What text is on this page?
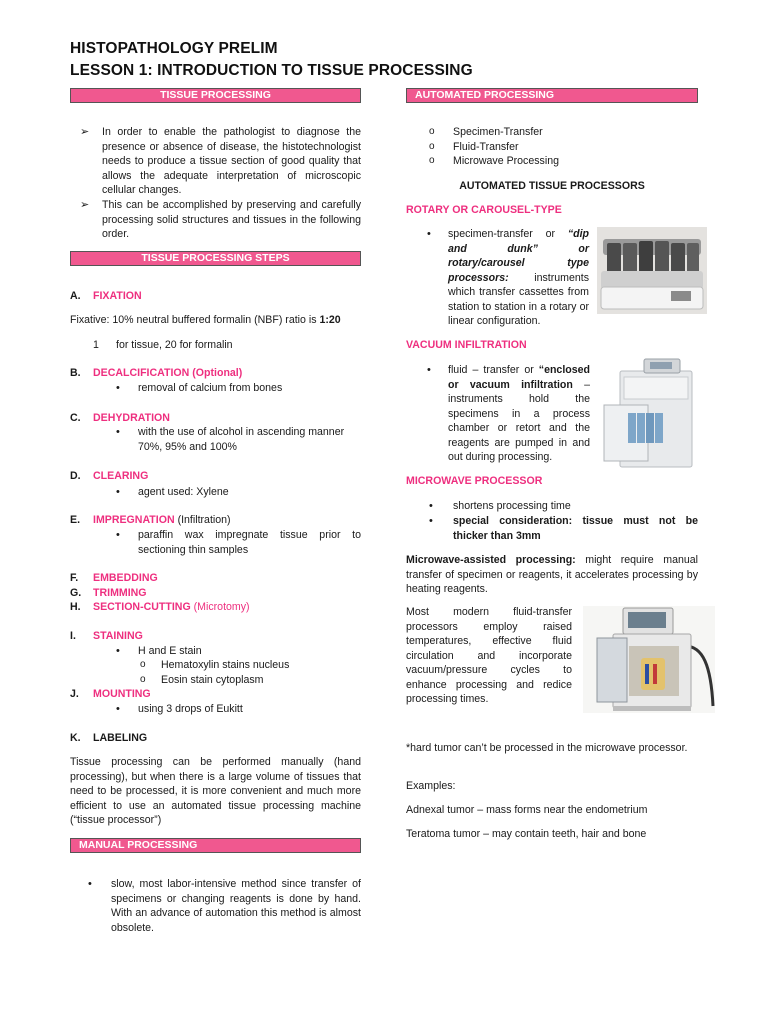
HISTOPATHOLOGY PRELIM
LESSON 1: INTRODUCTION TO TISSUE PROCESSING
TISSUE PROCESSING
➢ In order to enable the pathologist to diagnose the presence or absence of disease, the histotechnologist needs to produce a tissue section of good quality that allows the adequate interpretation of microscopic cellular changes.
➢ This can be accomplished by preserving and carefully processing solid structures and tissues in the following order.
TISSUE PROCESSING STEPS
A. FIXATION
Fixative: 10% neutral buffered formalin (NBF) ratio is 1:20
1 for tissue, 20 for formalin
B. DECALCIFICATION (Optional)
• removal of calcium from bones
C. DEHYDRATION
• with the use of alcohol in ascending manner 70%, 95% and 100%
D. CLEARING
• agent used: Xylene
E. IMPREGNATION (Infiltration)
• paraffin wax impregnate tissue prior to sectioning thin samples
F. EMBEDDING
G. TRIMMING
H. SECTION-CUTTING (Microtomy)
I. STAINING
• H and E stain
o Hematoxylin stains nucleus
o Eosin stain cytoplasm
J. MOUNTING
• using 3 drops of Eukitt
K. LABELING
Tissue processing can be performed manually (hand processing), but when there is a large volume of tissues that need to be processed, it is more convenient and much more efficient to use an automated tissue processing machine (“tissue processor”)
MANUAL PROCESSING
• slow, most labor-intensive method since transfer of specimens or changing reagents is done by hand. With an advance of automation this method is almost obsolete.
AUTOMATED PROCESSING
o Specimen-Transfer
o Fluid-Transfer
o Microwave Processing
AUTOMATED TISSUE PROCESSORS
ROTARY OR CAROUSEL-TYPE
• specimen-transfer or “dip and dunk” or rotary/carousel type processors: instruments which transfer cassettes from station to station in a rotary or linear configuration.
VACUUM INFILTRATION
• fluid – transfer or “enclosed or vacuum infiltration – instruments hold the specimens in a process chamber or retort and the reagents are pumped in and out during processing.
MICROWAVE PROCESSOR
• shortens processing time
• special consideration: tissue must not be thicker than 3mm
Microwave-assisted processing: might require manual transfer of specimen or reagents, it accelerates processing by heating reagents.
Most modern fluid-transfer processors employ raised temperatures, effective fluid circulation and incorporate vacuum/pressure cycles to enhance processing and redice processing times.
*hard tumor can’t be processed in the microwave processor.
Examples:
Adnexal tumor – mass forms near the endometrium
Teratoma tumor – may contain teeth, hair and bone
